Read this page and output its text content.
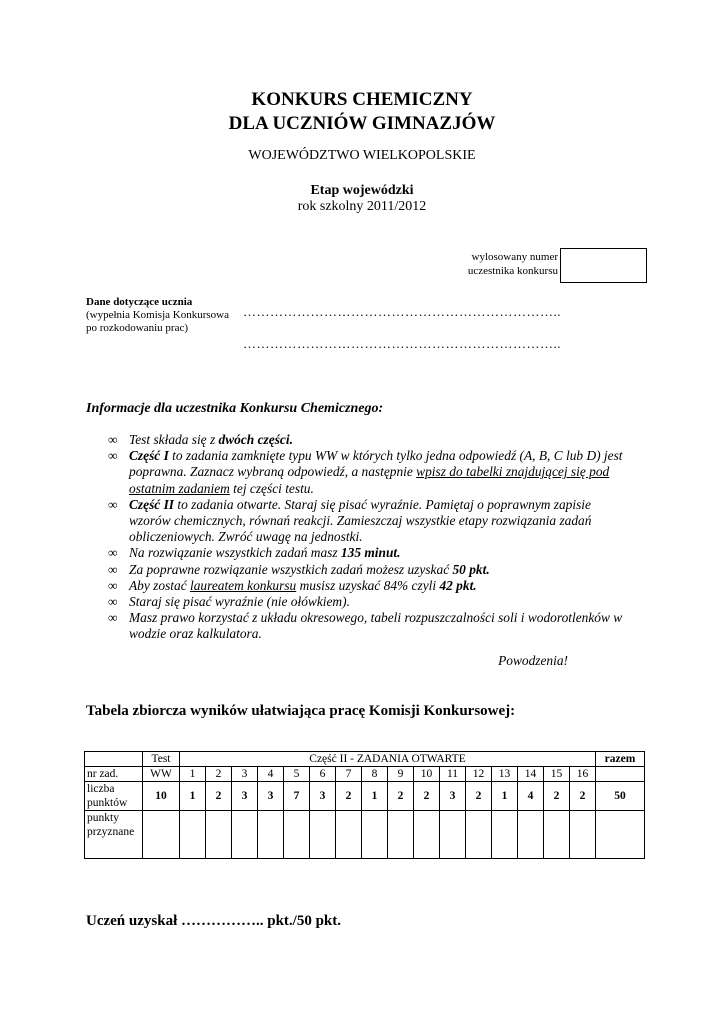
KONKURS CHEMICZNY
DLA UCZNIÓW GIMNAZJÓW
WOJEWÓDZTWO WIELKOPOLSKIE
Etap wojewódzki
rok szkolny 2011/2012
wylosowany numer
uczestnika konkursu
Dane dotyczące ucznia
(wypełnia Komisja Konkursowa
po rozkodowaniu prac)
……………………………………………………………..
……………………………………………………………..
Informacje dla uczestnika Konkursu Chemicznego:
∞ Test składa się z dwóch części.
∞ Część I to zadania zamknięte typu WW w których tylko jedna odpowiedź (A, B, C lub D) jest poprawna. Zaznacz wybraną odpowiedź, a następnie wpisz do tabelki znajdującej się pod ostatnim zadaniem tej części testu.
∞ Część II to zadania otwarte. Staraj się pisać wyraźnie. Pamiętaj o poprawnym zapisie wzorów chemicznych, równań reakcji. Zamieszczaj wszystkie etapy rozwiązania zadań obliczeniowych. Zwróć uwagę na jednostki.
∞ Na rozwiązanie wszystkich zadań masz 135 minut.
∞ Za poprawne rozwiązanie wszystkich zadań możesz uzyskać 50 pkt.
∞ Aby zostać laureatem konkursu musisz uzyskać 84% czyli 42 pkt.
∞ Staraj się pisać wyraźnie (nie ołówkiem).
∞ Masz prawo korzystać z układu okresowego, tabeli rozpuszczalności soli i wodorotlenków w wodzie oraz kalkulatora.
Powodzenia!
Tabela zbiorcza wyników ułatwiająca pracę Komisji Konkursowej:
	Test	Część II - ZADANIA OTWARTE																razem
nr zad.	WW	1	2	3	4	5	6	7	8	9	10	11	12	13	14	15	16	
liczba
punktów	10	1	2	3	3	7	3	2	1	2	2	3	2	1	4	2	2	50
punkty
przyznane																		
Uczeń uzyskał …………….. pkt./50 pkt.
